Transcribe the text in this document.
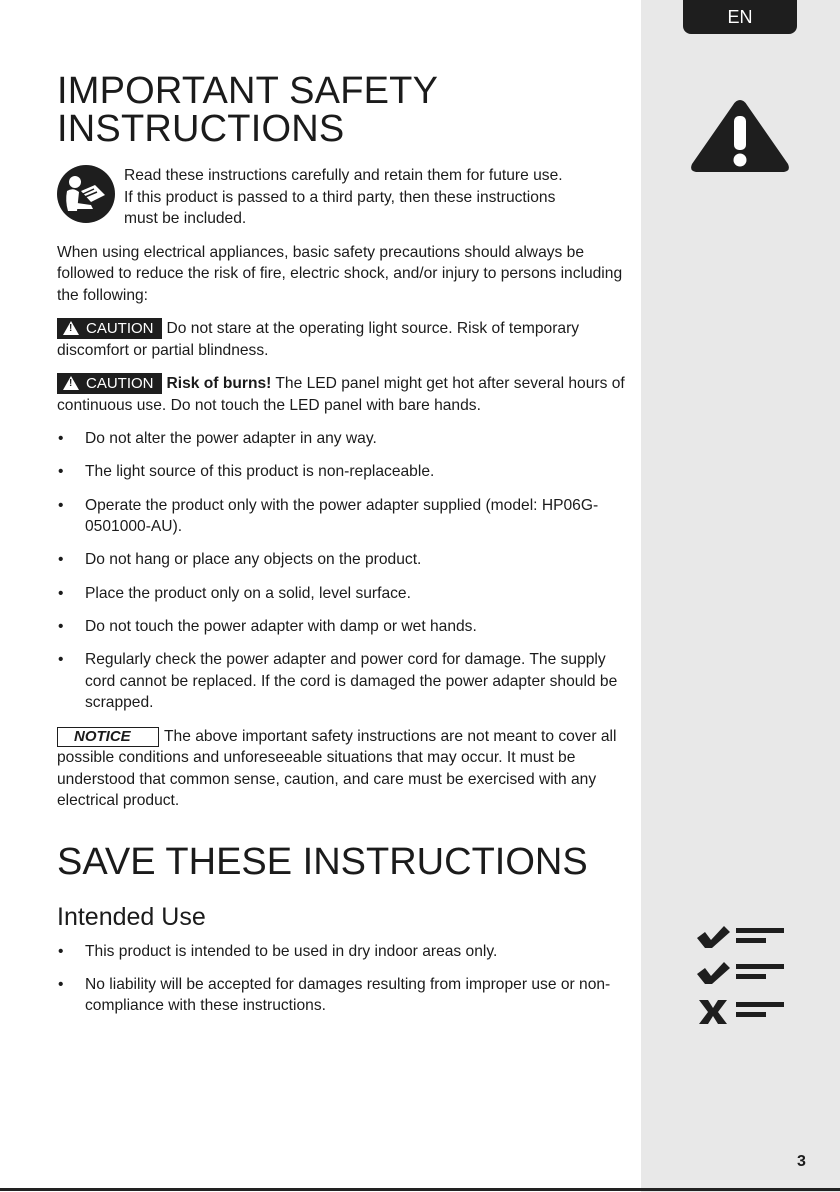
EN
IMPORTANT SAFETY
INSTRUCTIONS
Read these instructions carefully and retain them for future use.
If this product is passed to a third party, then these instructions
must be included.

When using electrical appliances, basic safety precautions should always be followed to reduce the risk of fire, electric shock, and/or injury to persons including the following:

!CAUTION Do not stare at the operating light source. Risk of temporary discomfort or partial blindness.

!CAUTION Risk of burns! The LED panel might get hot after several hours of continuous use. Do not touch the LED panel with bare hands.

• Do not alter the power adapter in any way.
• The light source of this product is non-replaceable.
• Operate the product only with the power adapter supplied (model: HP06G-0501000-AU).
• Do not hang or place any objects on the product.
• Place the product only on a solid, level surface.
• Do not touch the power adapter with damp or wet hands.
• Regularly check the power adapter and power cord for damage. The supply cord cannot be replaced. If the cord is damaged the power adapter should be scrapped.

NOTICE The above important safety instructions are not meant to cover all possible conditions and unforeseeable situations that may occur. It must be understood that common sense, caution, and care must be exercised with any electrical product.

SAVE THESE INSTRUCTIONS
Intended Use
• This product is intended to be used in dry indoor areas only.
• No liability will be accepted for damages resulting from improper use or non-compliance with these instructions.
3
